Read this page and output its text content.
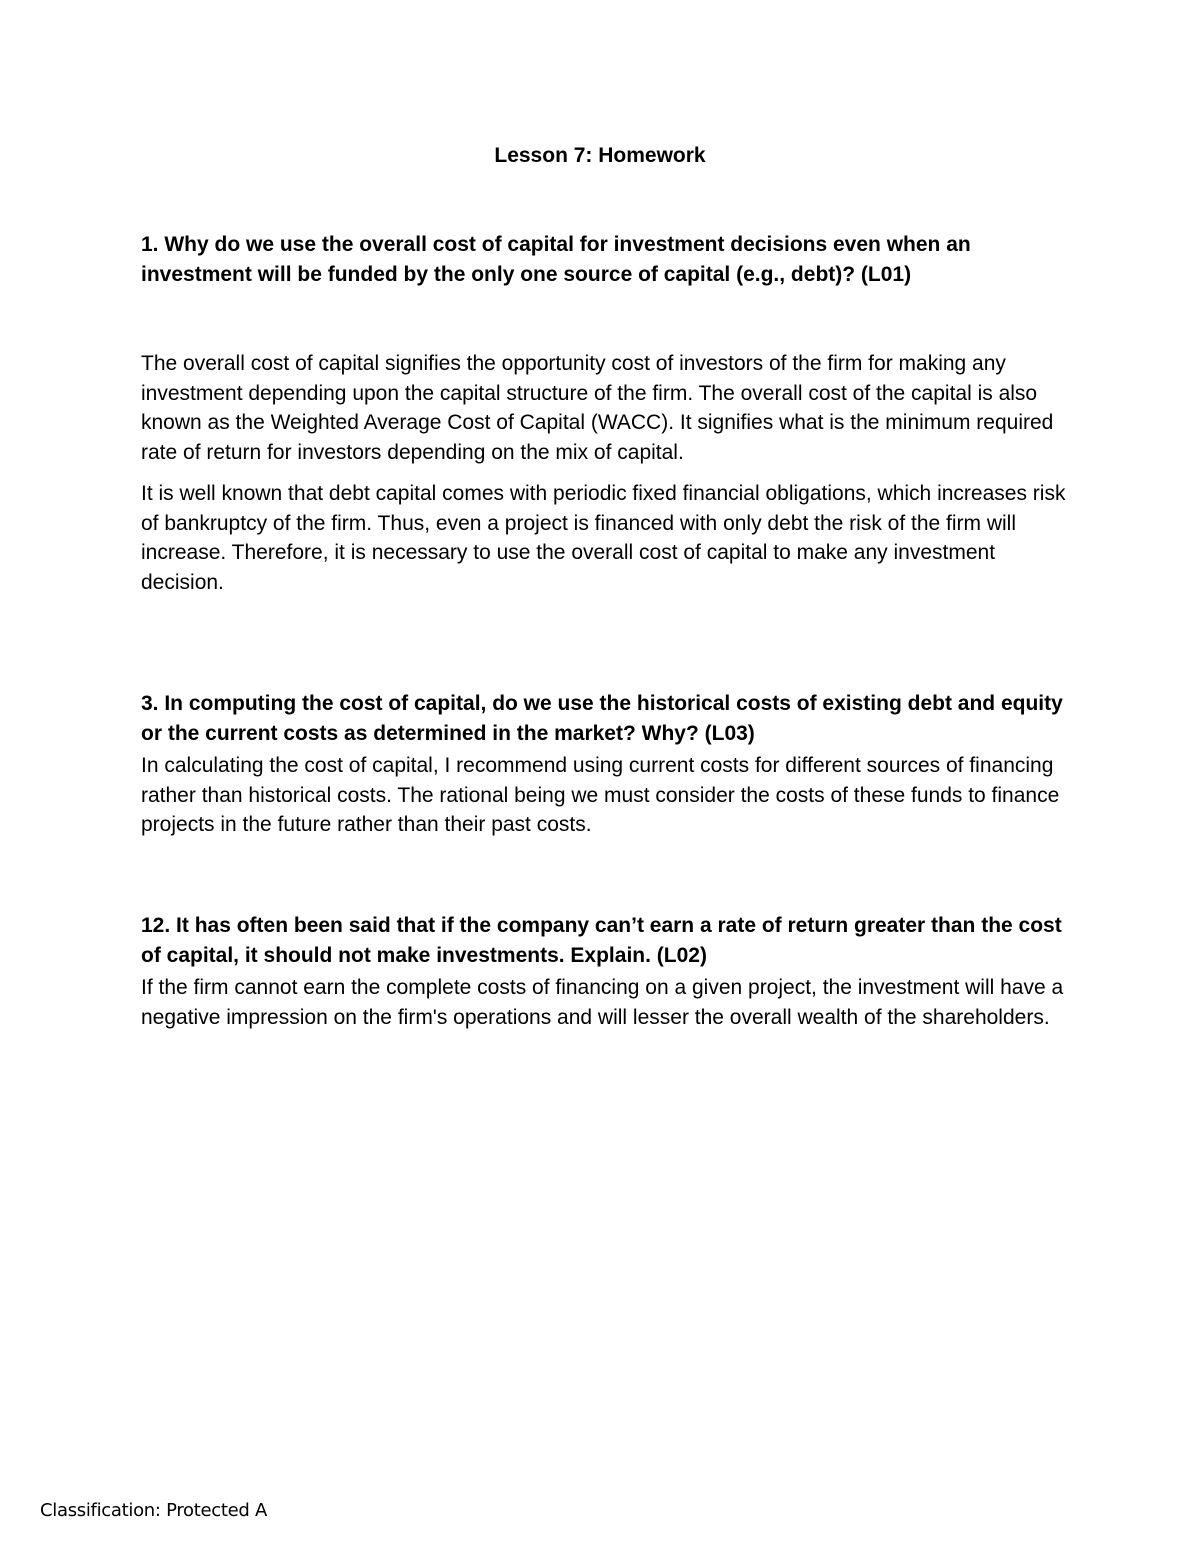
Lesson 7: Homework

1. Why do we use the overall cost of capital for investment decisions even when an investment will be funded by the only one source of capital (e.g., debt)? (L01)

The overall cost of capital signifies the opportunity cost of investors of the firm for making any investment depending upon the capital structure of the firm. The overall cost of the capital is also known as the Weighted Average Cost of Capital (WACC). It signifies what is the minimum required rate of return for investors depending on the mix of capital.

It is well known that debt capital comes with periodic fixed financial obligations, which increases risk of bankruptcy of the firm. Thus, even a project is financed with only debt the risk of the firm will increase. Therefore, it is necessary to use the overall cost of capital to make any investment decision.

3. In computing the cost of capital, do we use the historical costs of existing debt and equity or the current costs as determined in the market? Why? (L03)

In calculating the cost of capital, I recommend using current costs for different sources of financing rather than historical costs. The rational being we must consider the costs of these funds to finance projects in the future rather than their past costs.

12. It has often been said that if the company can’t earn a rate of return greater than the cost of capital, it should not make investments. Explain. (L02)

If the firm cannot earn the complete costs of financing on a given project, the investment will have a negative impression on the firm's operations and will lesser the overall wealth of the shareholders.

Classification: Protected A
